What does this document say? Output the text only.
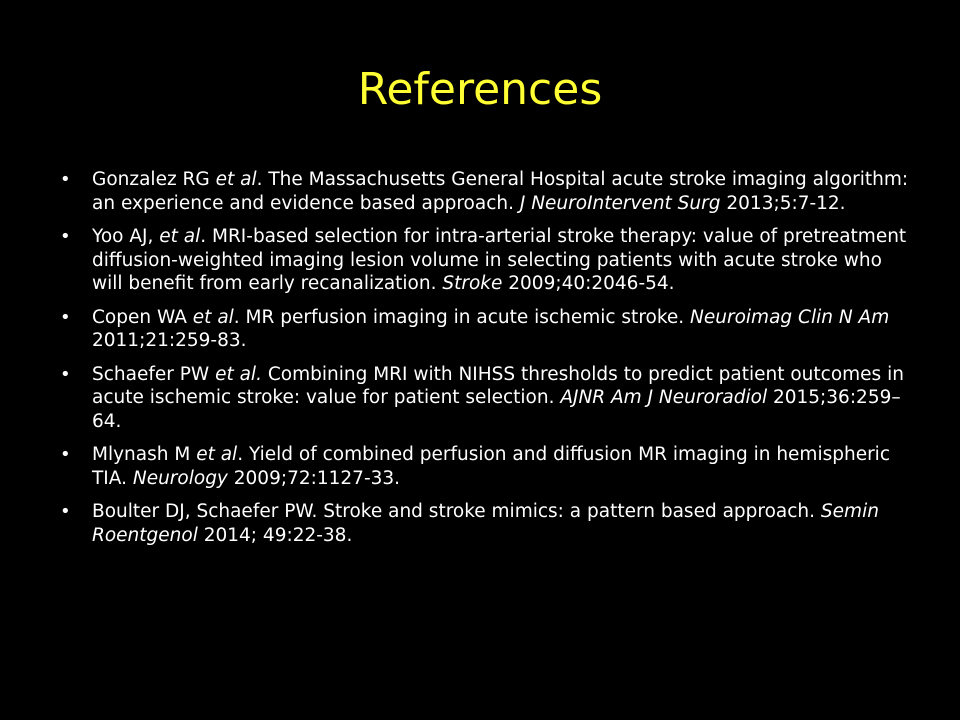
References
• Gonzalez RG et al. The Massachusetts General Hospital acute stroke imaging algorithm: an experience and evidence based approach. J NeuroIntervent Surg 2013;5:7-12.
• Yoo AJ, et al. MRI-based selection for intra-arterial stroke therapy: value of pretreatment diffusion-weighted imaging lesion volume in selecting patients with acute stroke who will benefit from early recanalization. Stroke 2009;40:2046-54.
• Copen WA et al. MR perfusion imaging in acute ischemic stroke. Neuroimag Clin N Am 2011;21:259-83.
• Schaefer PW et al. Combining MRI with NIHSS thresholds to predict patient outcomes in acute ischemic stroke: value for patient selection. AJNR Am J Neuroradiol 2015;36:259–64.
• Mlynash M et al. Yield of combined perfusion and diffusion MR imaging in hemispheric TIA. Neurology 2009;72:1127-33.
• Boulter DJ, Schaefer PW. Stroke and stroke mimics: a pattern based approach. Semin Roentgenol 2014; 49:22-38.
